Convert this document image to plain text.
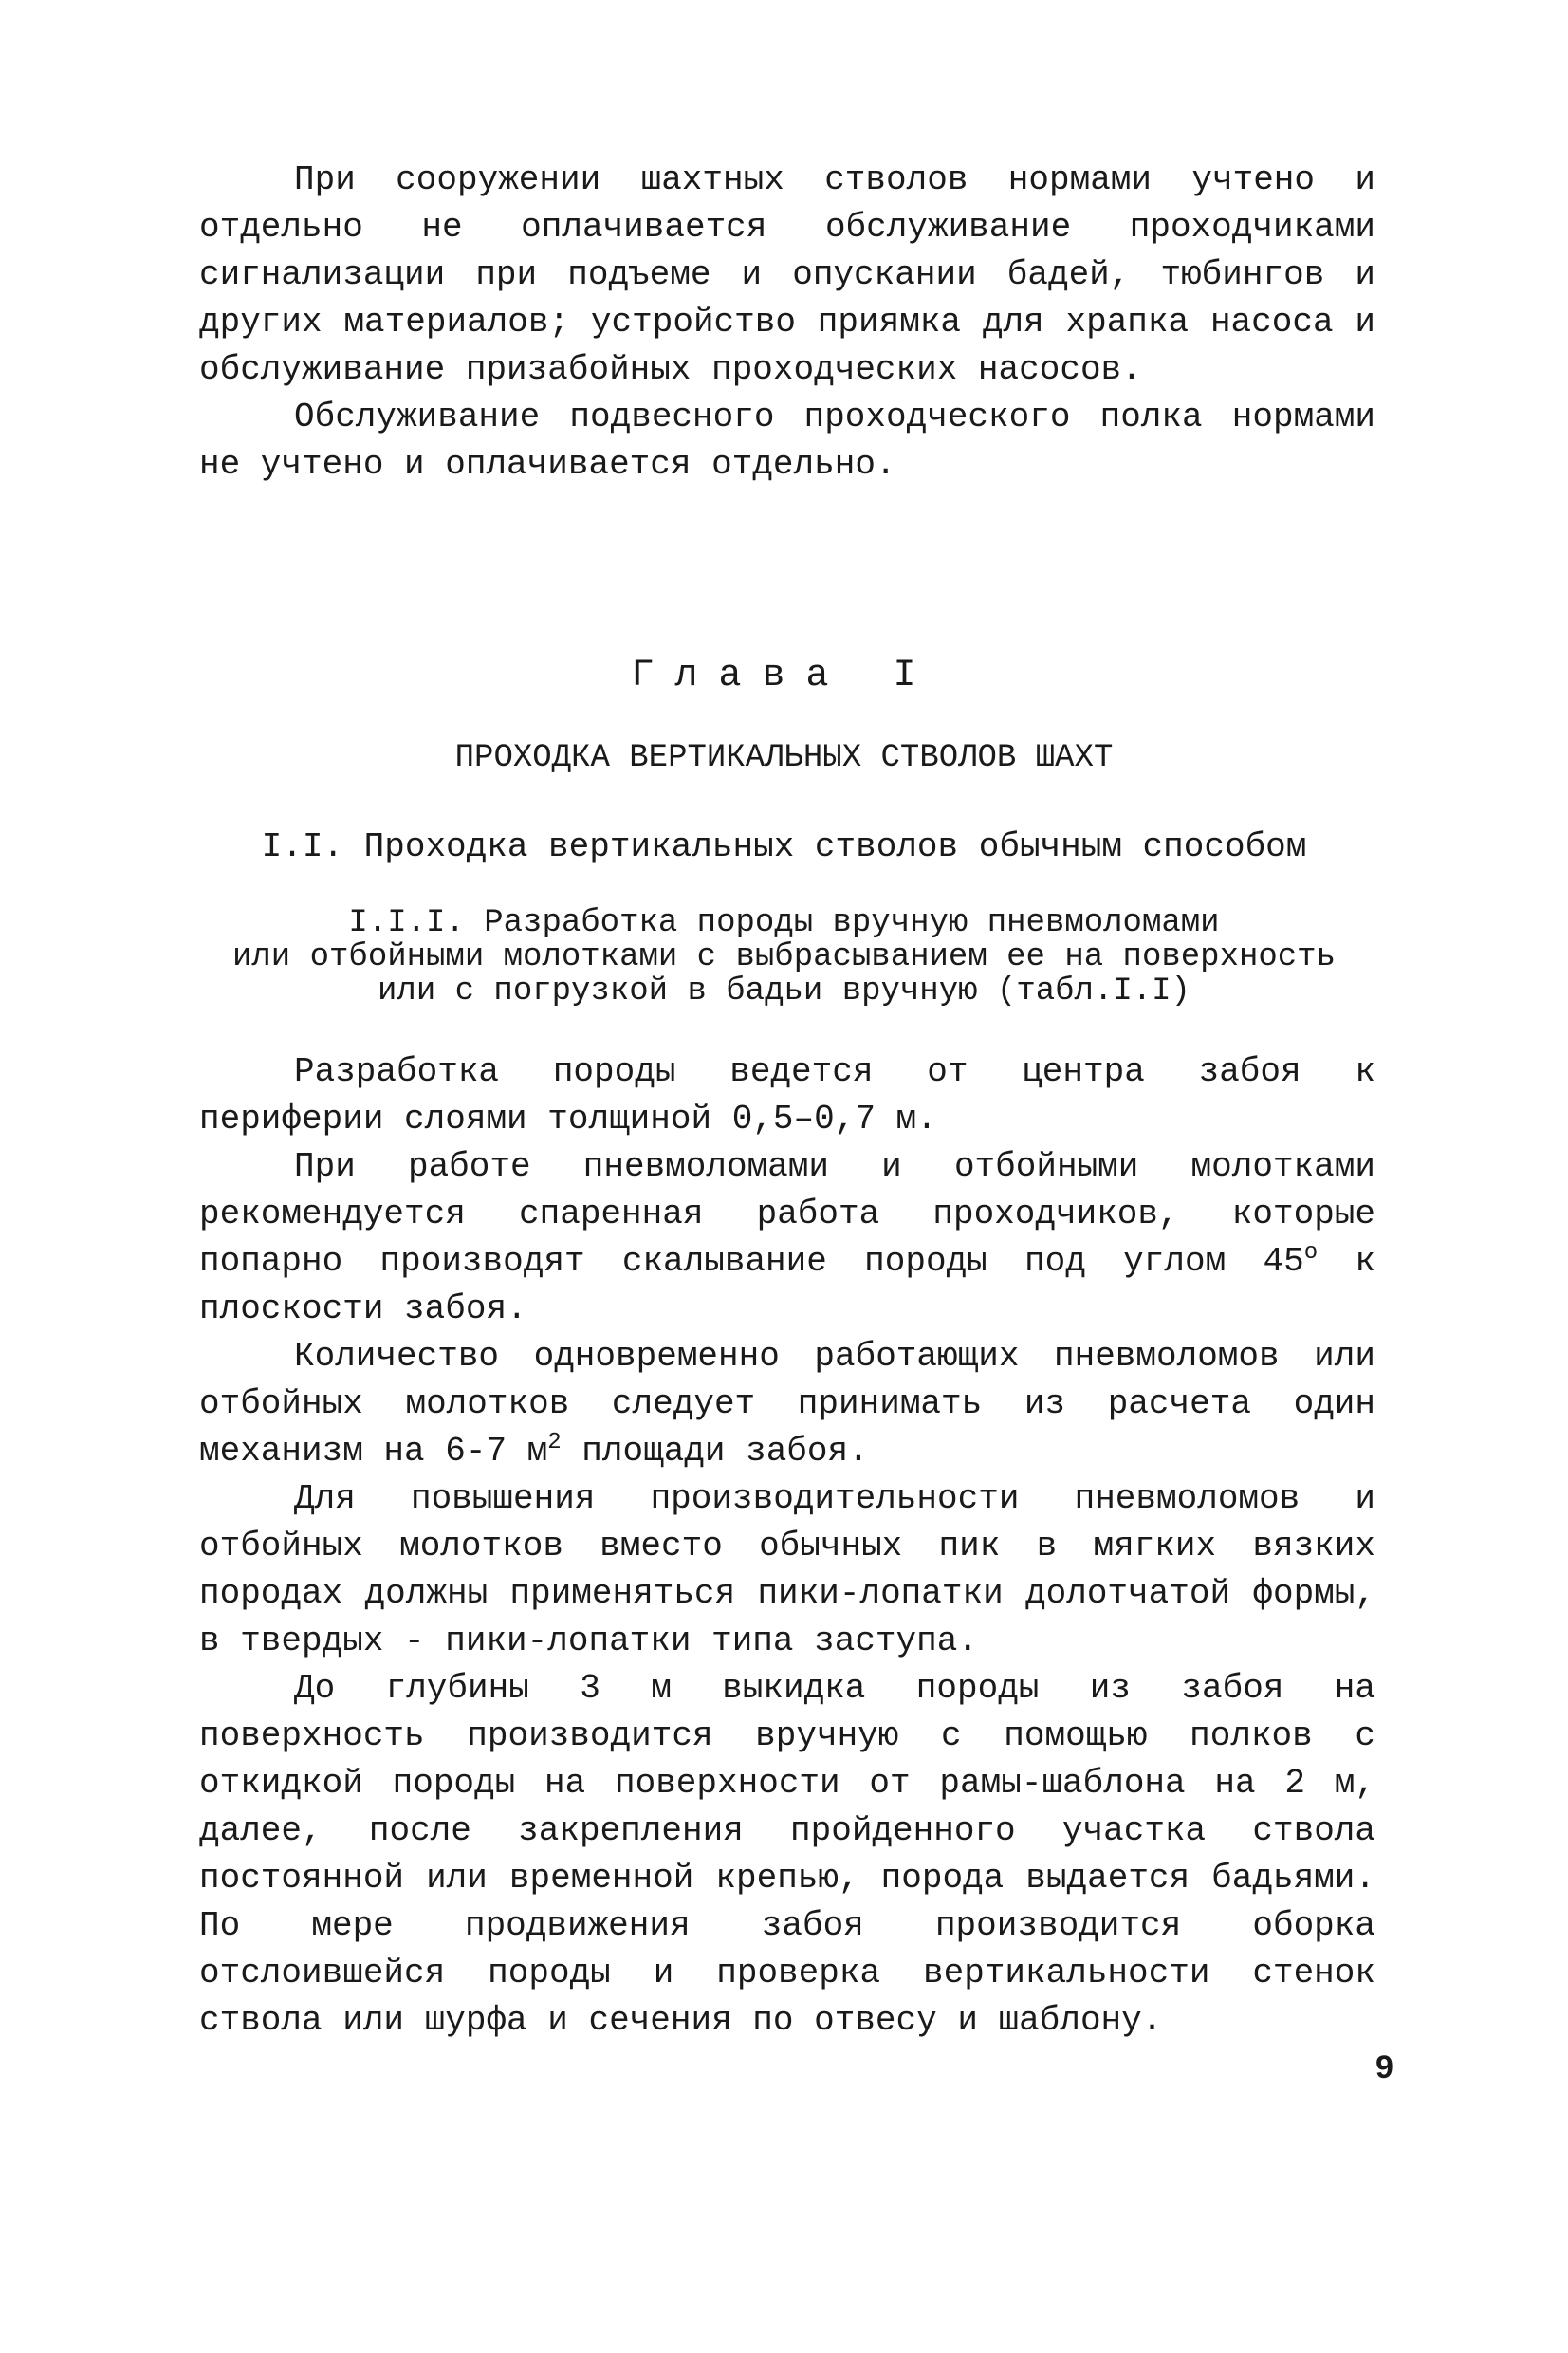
При сооружении шахтных стволов нормами учтено и отдельно не оплачивается обслуживание проходчиками сигнализации при подъеме и опускании бадей, тюбингов и других материалов; устройство приямка для храпка насоса и обслуживание призабойных проходческих насосов.

Обслуживание подвесного проходческого полка нормами не учтено и оплачивается отдельно.

Глава I

ПРОХОДКА ВЕРТИКАЛЬНЫХ СТВОЛОВ ШАХТ

I.I. Проходка вертикальных стволов обычным способом

I.I.I. Разработка породы вручную пневмоломами
или отбойными молотками с выбрасыванием ее на поверхность
или с погрузкой в бадьи вручную (табл.I.I)

Разработка породы ведется от центра забоя к периферии слоями толщиной 0,5–0,7 м.

При работе пневмоломами и отбойными молотками рекомендуется спаренная работа проходчиков, которые попарно производят скалывание породы под углом $45^о$ к плоскости забоя.

Количество одновременно работающих пневмоломов или отбойных молотков следует принимать из расчета один механизм на 6-7 $м^2$ площади забоя.

Для повышения производительности пневмоломов и отбойных молотков вместо обычных пик в мягких вязких породах должны применяться пики-лопатки долотчатой формы, в твердых - пики-лопатки типа заступа.

До глубины 3 м выкидка породы из забоя на поверхность производится вручную с помощью полков с откидкой породы на поверхности от рамы-шаблона на 2 м, далее, после закрепления пройденного участка ствола постоянной или временной крепью, порода выдается бадьями. По мере продвижения забоя производится оборка отслоившейся породы и проверка вертикальности стенок ствола или шурфа и сечения по отвесу и шаблону.

9
